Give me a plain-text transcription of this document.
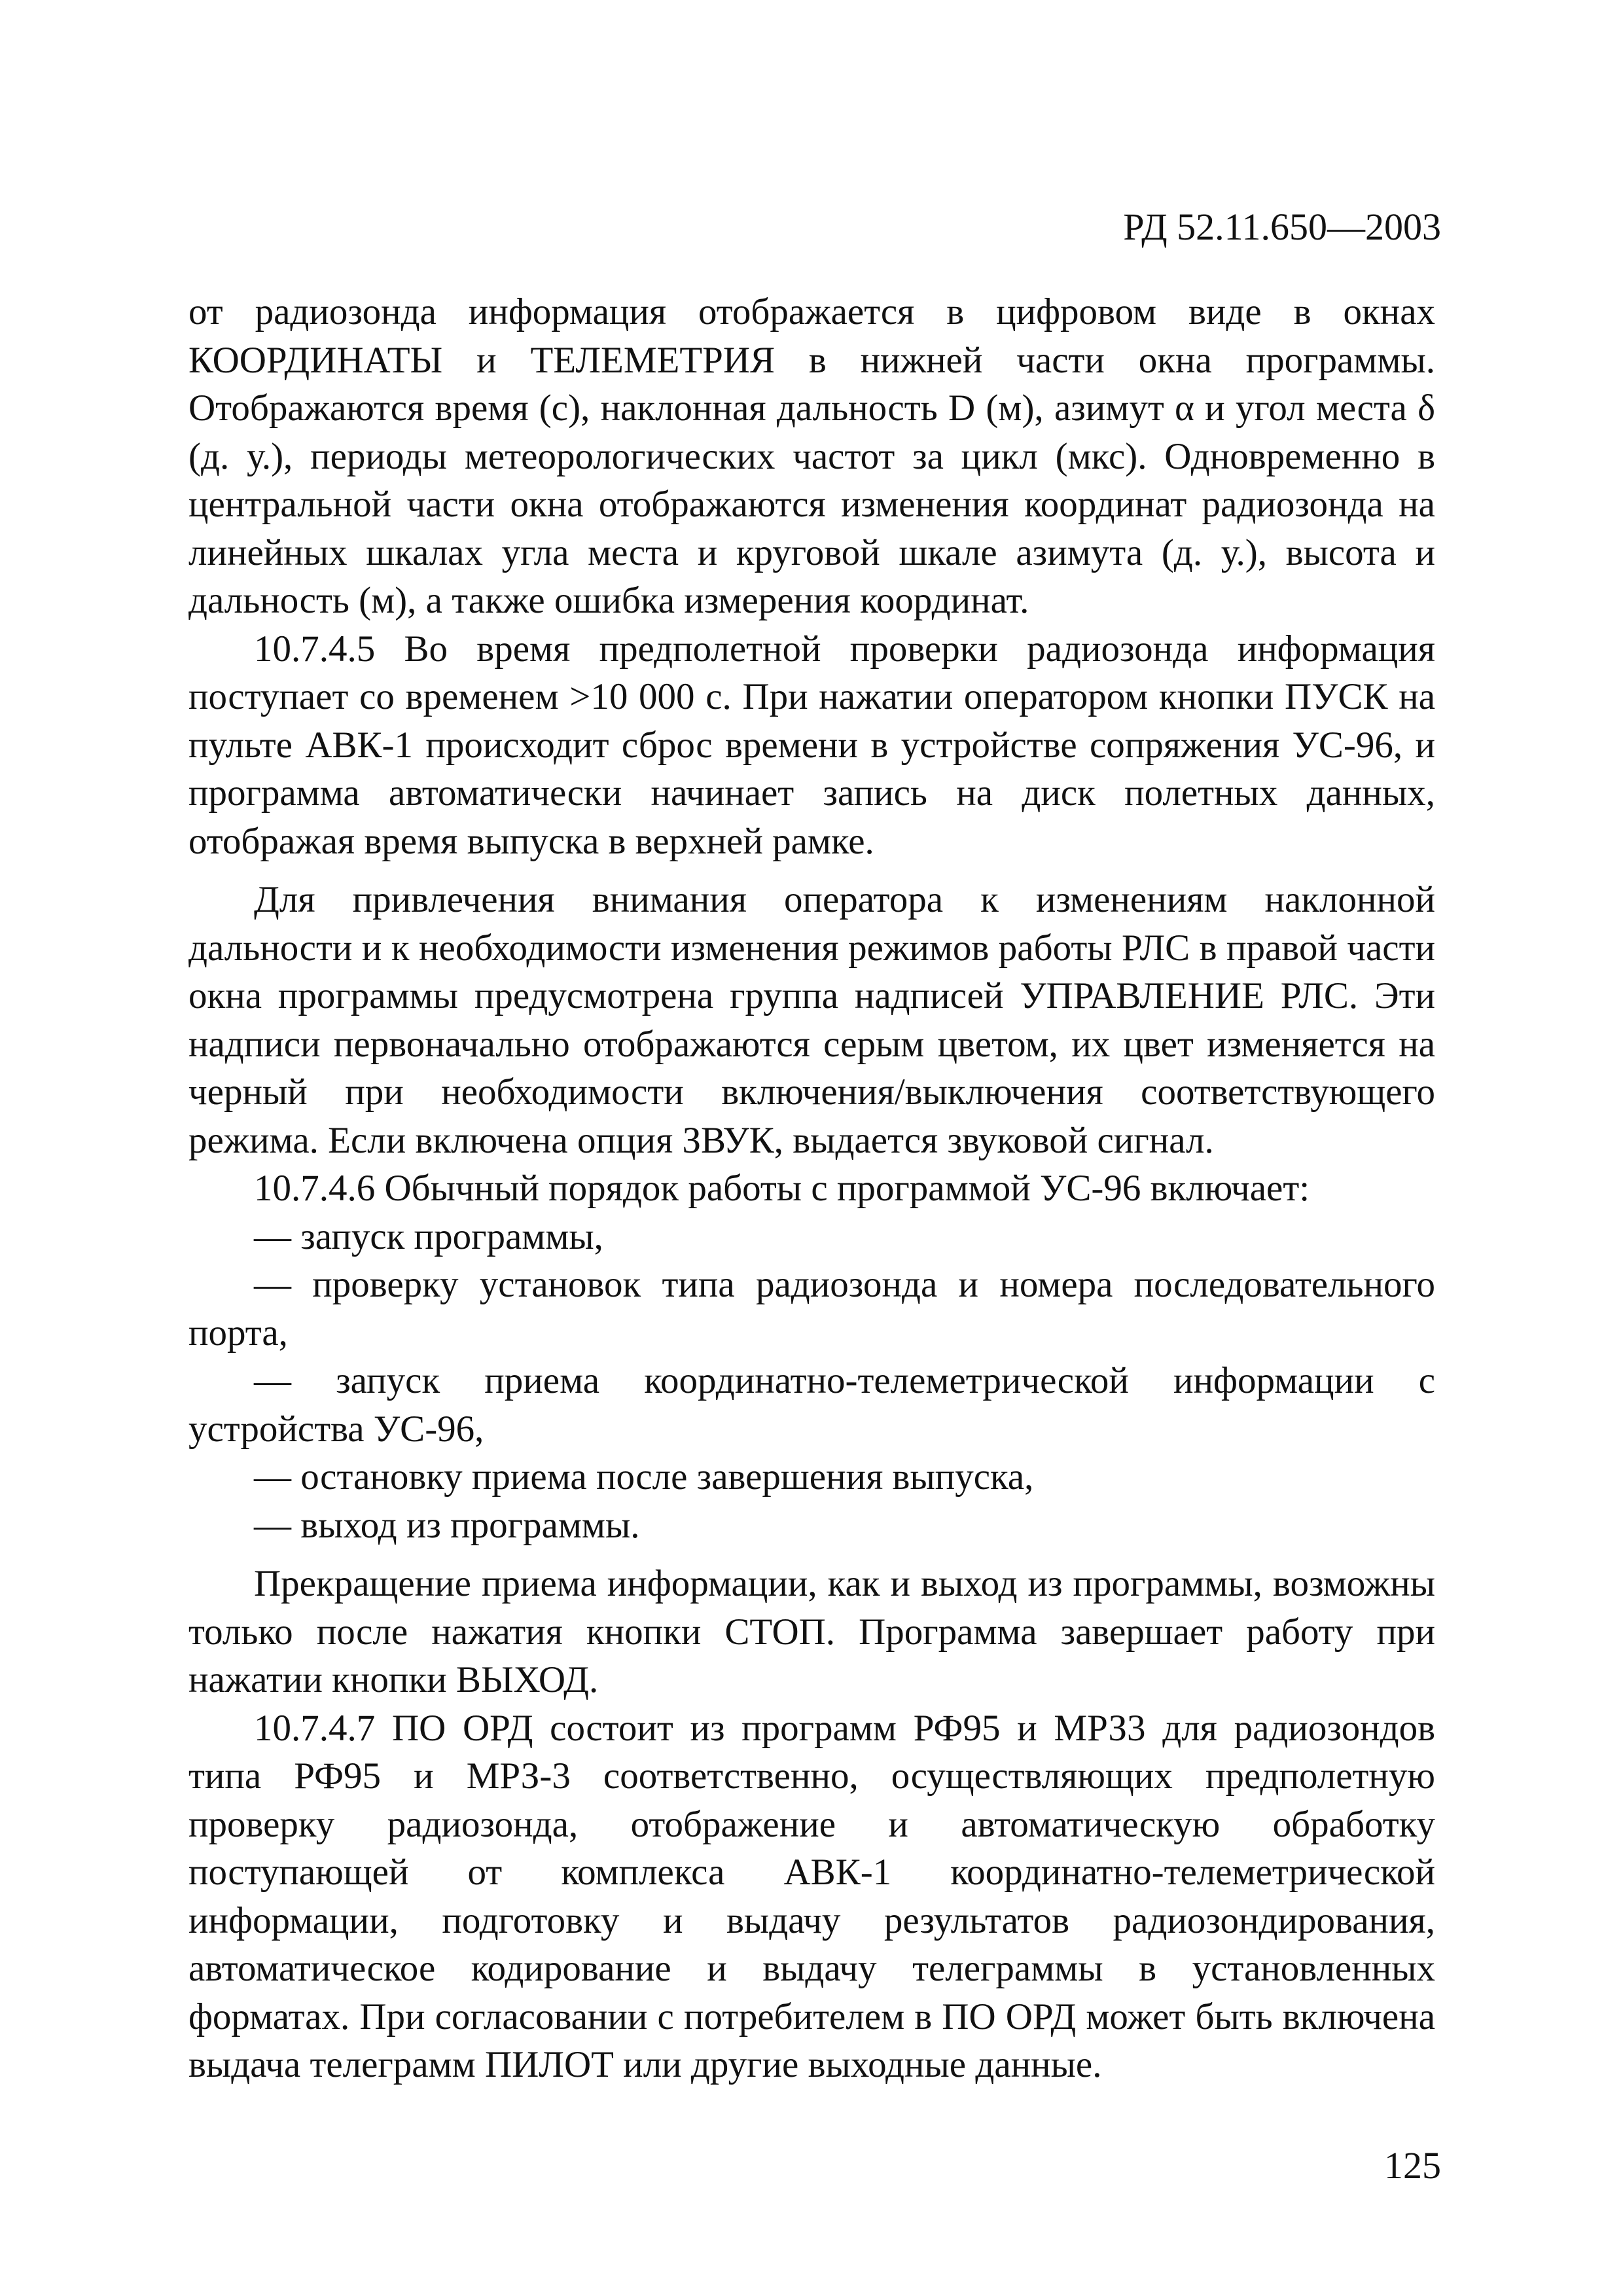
РД 52.11.650—2003

от радиозонда информация отображается в цифровом виде в окнах КООРДИНАТЫ и ТЕЛЕМЕТРИЯ в нижней части окна программы. Отображаются время (с), наклонная дальность D (м), азимут α и угол места δ (д. у.), периоды метеорологических частот за цикл (мкс). Одновременно в центральной части окна отображаются изменения координат радиозонда на линейных шкалах угла места и круговой шкале азимута (д. у.), высота и дальность (м), а также ошибка измерения координат.

10.7.4.5 Во время предполетной проверки радиозонда информация поступает со временем >10 000 с. При нажатии оператором кнопки ПУСК на пульте АВК-1 происходит сброс времени в устройстве сопряжения УС-96, и программа автоматически начинает запись на диск полетных данных, отображая время выпуска в верхней рамке.

Для привлечения внимания оператора к изменениям наклонной дальности и к необходимости изменения режимов работы РЛС в правой части окна программы предусмотрена группа надписей УПРАВЛЕНИЕ РЛС. Эти надписи первоначально отображаются серым цветом, их цвет изменяется на черный при необходимости включения/выключения соответствующего режима. Если включена опция ЗВУК, выдается звуковой сигнал.

10.7.4.6 Обычный порядок работы с программой УС-96 включает:

— запуск программы,

— проверку установок типа радиозонда и номера последовательного порта,

— запуск приема координатно-телеметрической информации с устройства УС-96,

— остановку приема после завершения выпуска,

— выход из программы.

Прекращение приема информации, как и выход из программы, возможны только после нажатия кнопки СТОП. Программа завершает работу при нажатии кнопки ВЫХОД.

10.7.4.7 ПО ОРД состоит из программ РФ95 и МРЗ3 для радиозондов типа РФ95 и МРЗ-3 соответственно, осуществляющих предполетную проверку радиозонда, отображение и автоматическую обработку поступающей от комплекса АВК-1 координатно-телеметрической информации, подготовку и выдачу результатов радиозондирования, автоматическое кодирование и выдачу телеграммы в установленных форматах. При согласовании с потребителем в ПО ОРД может быть включена выдача телеграмм ПИЛОТ или другие выходные данные.

125
